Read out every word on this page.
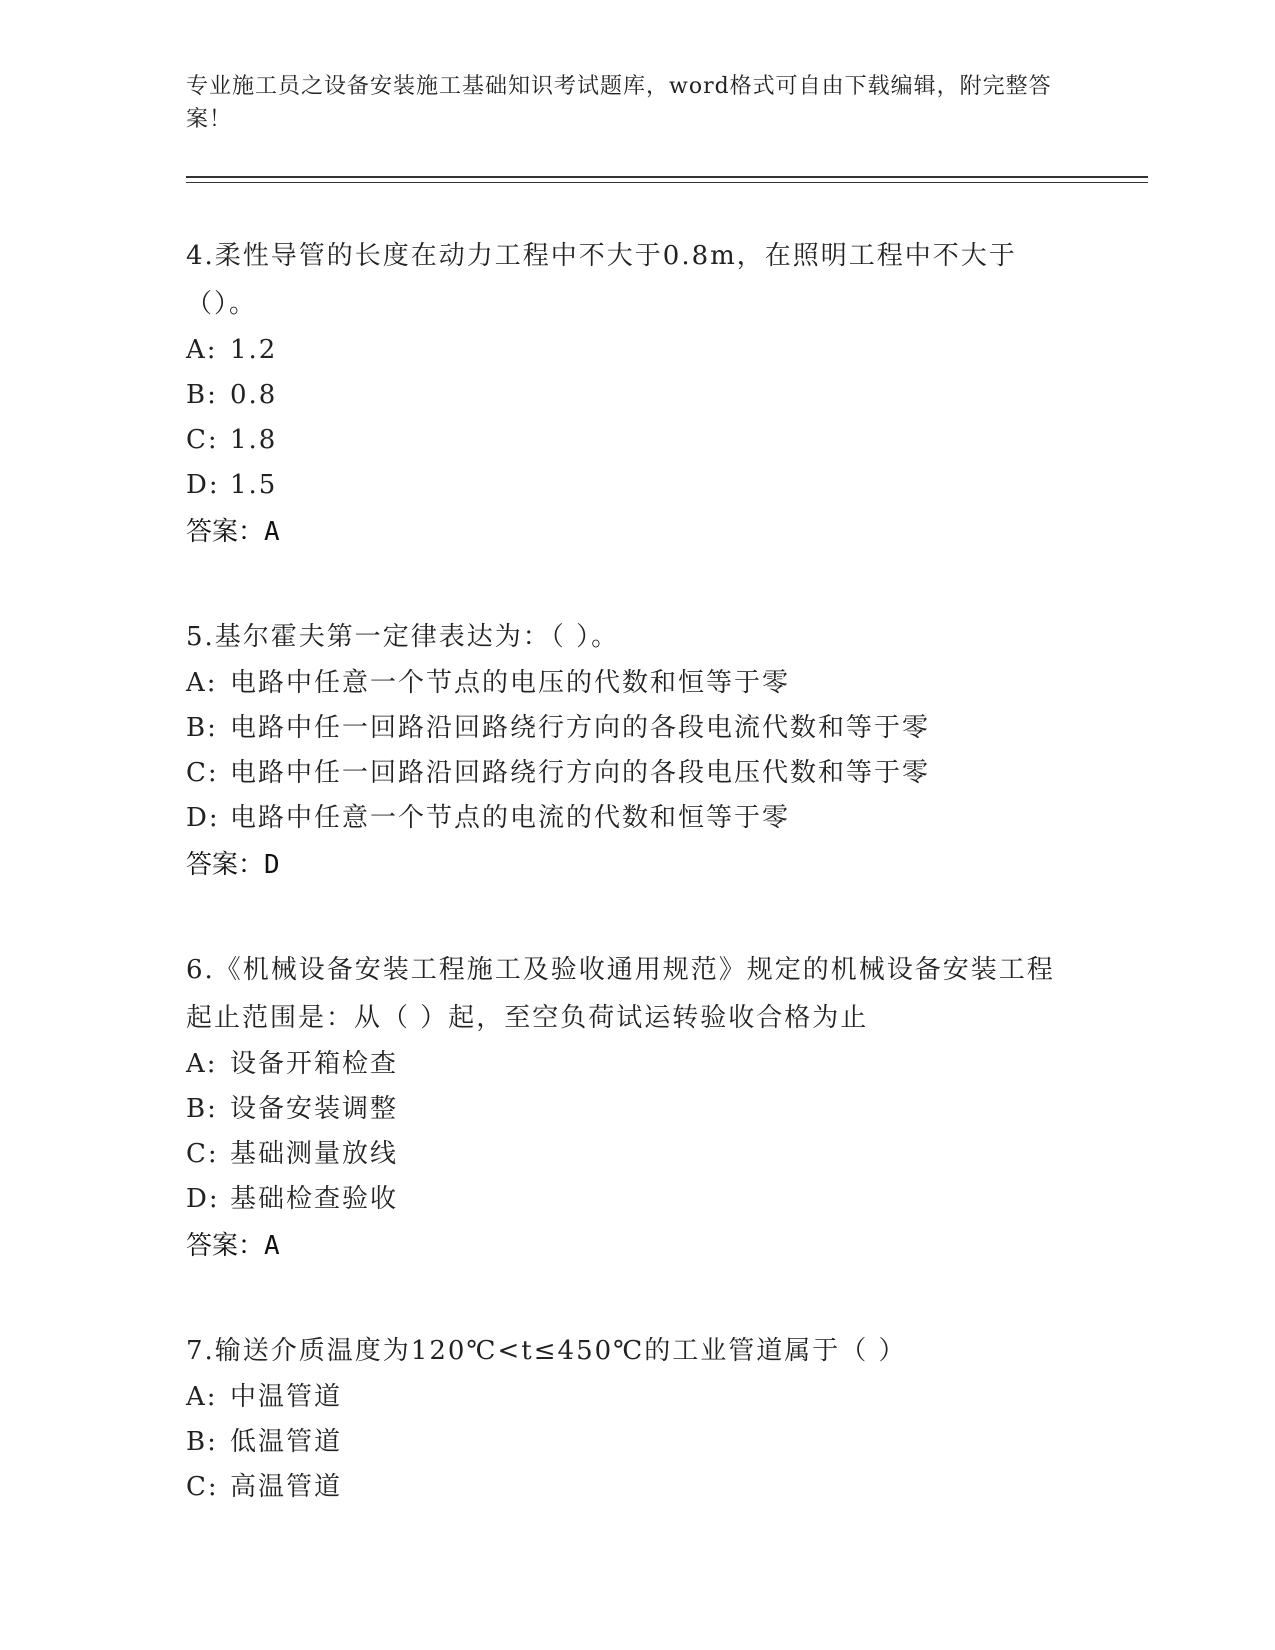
专业施工员之设备安装施工基础知识考试题库，word格式可自由下载编辑，附完整答案！

4.柔性导管的长度在动力工程中不大于0.8m，在照明工程中不大于（）。

A: 1.2

B: 0.8

C: 1.8

D: 1.5

答案：A

5.基尔霍夫第一定律表达为：（ ）。

A: 电路中任意一个节点的电压的代数和恒等于零

B: 电路中任一回路沿回路绕行方向的各段电流代数和等于零

C: 电路中任一回路沿回路绕行方向的各段电压代数和等于零

D: 电路中任意一个节点的电流的代数和恒等于零

答案：D

6.《机械设备安装工程施工及验收通用规范》规定的机械设备安装工程起止范围是：从（ ）起，至空负荷试运转验收合格为止

A: 设备开箱检查

B: 设备安装调整

C: 基础测量放线

D: 基础检查验收

答案：A

7.输送介质温度为120℃<t≤450℃的工业管道属于（ ）

A: 中温管道

B: 低温管道

C: 高温管道
